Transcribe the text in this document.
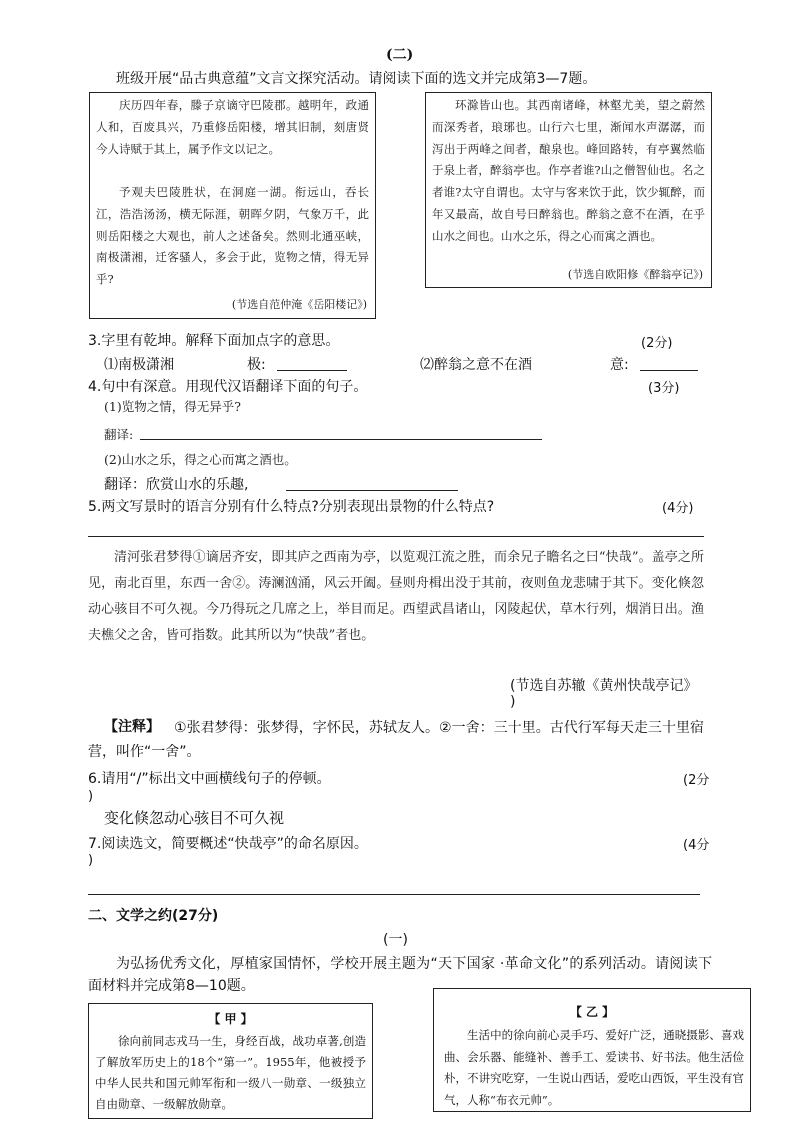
(二)
班级开展“品古典意蕴”文言文探究活动。请阅读下面的选文并完成第3—7题。
庆历四年春，滕子京谪守巴陵郡。越明年，政通人和，百废具兴，乃重修岳阳楼，增其旧制，刻唐贤今人诗赋于其上，属予作文以记之。
予观夫巴陵胜状，在洞庭一湖。衔远山，吞长江，浩浩汤汤，横无际涯，朝晖夕阴，气象万千，此则岳阳楼之大观也，前人之述备矣。然则北通巫峡，南极潇湘，迁客骚人，多会于此，览物之情，得无异乎?
(节选自范仲淹《岳阳楼记》)
环滁皆山也。其西南诸峰，林壑尤美，望之蔚然而深秀者，琅琊也。山行六七里，渐闻水声潺潺，而泻出于两峰之间者，酿泉也。峰回路转，有亭翼然临于泉上者，醉翁亭也。作亭者谁?山之僧智仙也。名之者谁?太守自谓也。太守与客来饮于此，饮少辄醉，而年又最高，故自号曰醉翁也。醉翁之意不在酒，在乎山水之间也。山水之乐，得之心而寓之酒也。
(节选自欧阳修《醉翁亭记》)
3.字里有乾坤。解释下面加点字的意思。	(2分)
⑴南极潇湘	极:	⑵醉翁之意不在酒	意:
4.句中有深意。用现代汉语翻译下面的句子。	(3分)
(1)览物之情，得无异乎?
翻译:
(2)山水之乐，得之心而寓之酒也。
翻译：欣赏山水的乐趣,
5.两文写景时的语言分别有什么特点?分别表现出景物的什么特点?	(4分)
清河张君梦得①谪居齐安，即其庐之西南为亭，以览观江流之胜，而余兄子瞻名之曰“快哉”。盖亭之所见，南北百里，东西一舍②。涛澜汹涌，风云开阖。昼则舟楫出没于其前，夜则鱼龙悲啸于其下。变化倏忽动心骇目不可久视。今乃得玩之几席之上，举目而足。西望武昌诸山，冈陵起伏，草木行列，烟消日出。渔夫樵父之舍，皆可指数。此其所以为“快哉”者也。
(节选自苏辙《黄州快哉亭记》
)
【注释】	①张君梦得：张梦得，字怀民，苏轼友人。②一舍：三十里。古代行军每天走三十里宿营，叫作“一舍”。
6.请用“/”标出文中画横线句子的停顿。	(2分
)
变化倏忽动心骇目不可久视
7.阅读选文，简要概述“快哉亭”的命名原因。	(4分
)
二、文学之约(27分)
(一)
为弘扬优秀文化，厚植家国情怀，学校开展主题为“天下国家 ·革命文化”的系列活动。请阅读下面材料并完成第8—10题。
【 甲 】
徐向前同志戎马一生，身经百战，战功卓著,创造了解放军历史上的18个“第一”。1955年，他被授予中华人民共和国元帅军衔和一级八一勋章、一级独立自由勋章、一级解放勋章。
【 乙 】
生活中的徐向前心灵手巧、爱好广泛，通晓摄影、喜戏曲、会乐器、能缝补、善手工、爱读书、好书法。他生活俭朴，不讲究吃穿，一生说山西话，爱吃山西饭，平生没有官气，人称“布衣元帅”。
